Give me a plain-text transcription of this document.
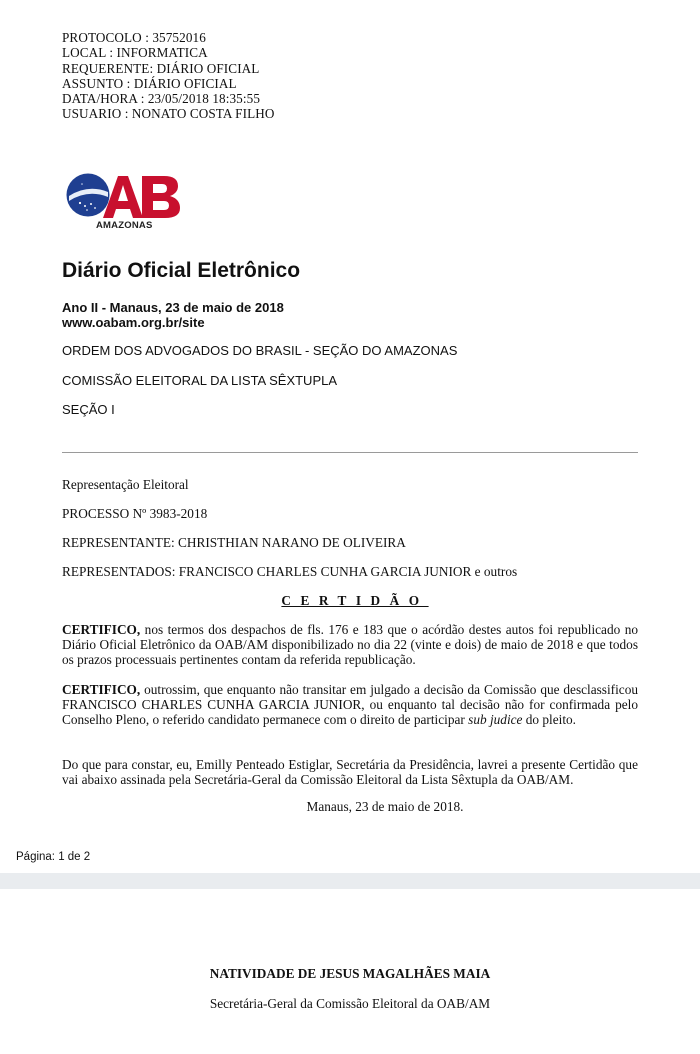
PROTOCOLO : 35752016
LOCAL : INFORMATICA
REQUERENTE: DIÁRIO OFICIAL
ASSUNTO : DIÁRIO OFICIAL
DATA/HORA : 23/05/2018 18:35:55
USUARIO : NONATO COSTA FILHO
AMAZONAS
Diário Oficial Eletrônico
Ano II - Manaus, 23 de maio de 2018
www.oabam.org.br/site
ORDEM DOS ADVOGADOS DO BRASIL - SEÇÃO DO AMAZONAS
COMISSÃO ELEITORAL DA LISTA SÊXTUPLA
SEÇÃO I
Representação Eleitoral
PROCESSO Nº 3983-2018
REPRESENTANTE: CHRISTHIAN NARANO DE OLIVEIRA
REPRESENTADOS: FRANCISCO CHARLES CUNHA GARCIA JUNIOR e outros
CERTIDÃO
CERTIFICO, nos termos dos despachos de fls. 176 e 183 que o acórdão destes autos foi republicado no Diário Oficial Eletrônico da OAB/AM disponibilizado no dia 22 (vinte e dois) de maio de 2018 e que todos os prazos processuais pertinentes contam da referida republicação.
CERTIFICO, outrossim, que enquanto não transitar em julgado a decisão da Comissão que desclassificou FRANCISCO CHARLES CUNHA GARCIA JUNIOR, ou enquanto tal decisão não for confirmada pelo Conselho Pleno, o referido candidato permanece com o direito de participar sub judice do pleito.
Do que para constar, eu, Emilly Penteado Estiglar, Secretária da Presidência, lavrei a presente Certidão que vai abaixo assinada pela Secretária-Geral da Comissão Eleitoral da Lista Sêxtupla da OAB/AM.
Manaus, 23 de maio de 2018.
Página: 1 de 2
NATIVIDADE DE JESUS MAGALHÃES MAIA
Secretária-Geral da Comissão Eleitoral da OAB/AM
